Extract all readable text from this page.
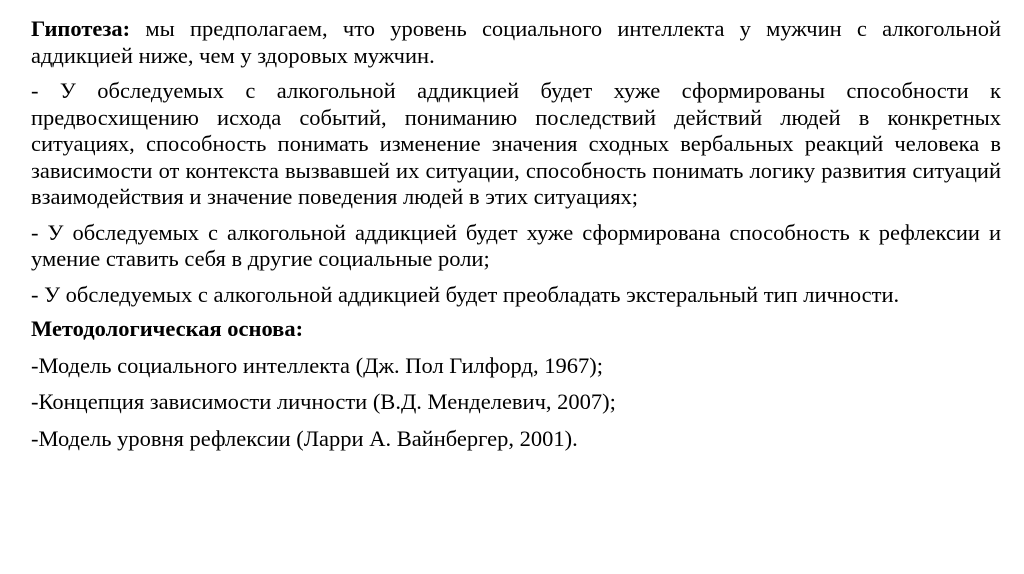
Гипотеза: мы предполагаем, что уровень социального интеллекта у мужчин с алкогольной аддикцией ниже, чем у здоровых мужчин.

- У обследуемых с алкогольной аддикцией будет хуже сформированы способности к предвосхищению исхода событий, пониманию последствий действий людей в конкретных ситуациях, способность понимать изменение значения сходных вербальных реакций человека в зависимости от контекста вызвавшей их ситуации, способность понимать логику развития ситуаций взаимодействия и значение поведения людей в этих ситуациях;

- У обследуемых с алкогольной аддикцией будет хуже сформирована способность к рефлексии и умение ставить себя в другие социальные роли;

- У обследуемых с алкогольной аддикцией будет преобладать экстеральный тип личности.

Методологическая основа:

-Модель социального интеллекта (Дж. Пол Гилфорд, 1967);

-Концепция зависимости личности (В.Д. Менделевич, 2007);

-Модель уровня рефлексии (Ларри А. Вайнбергер, 2001).
